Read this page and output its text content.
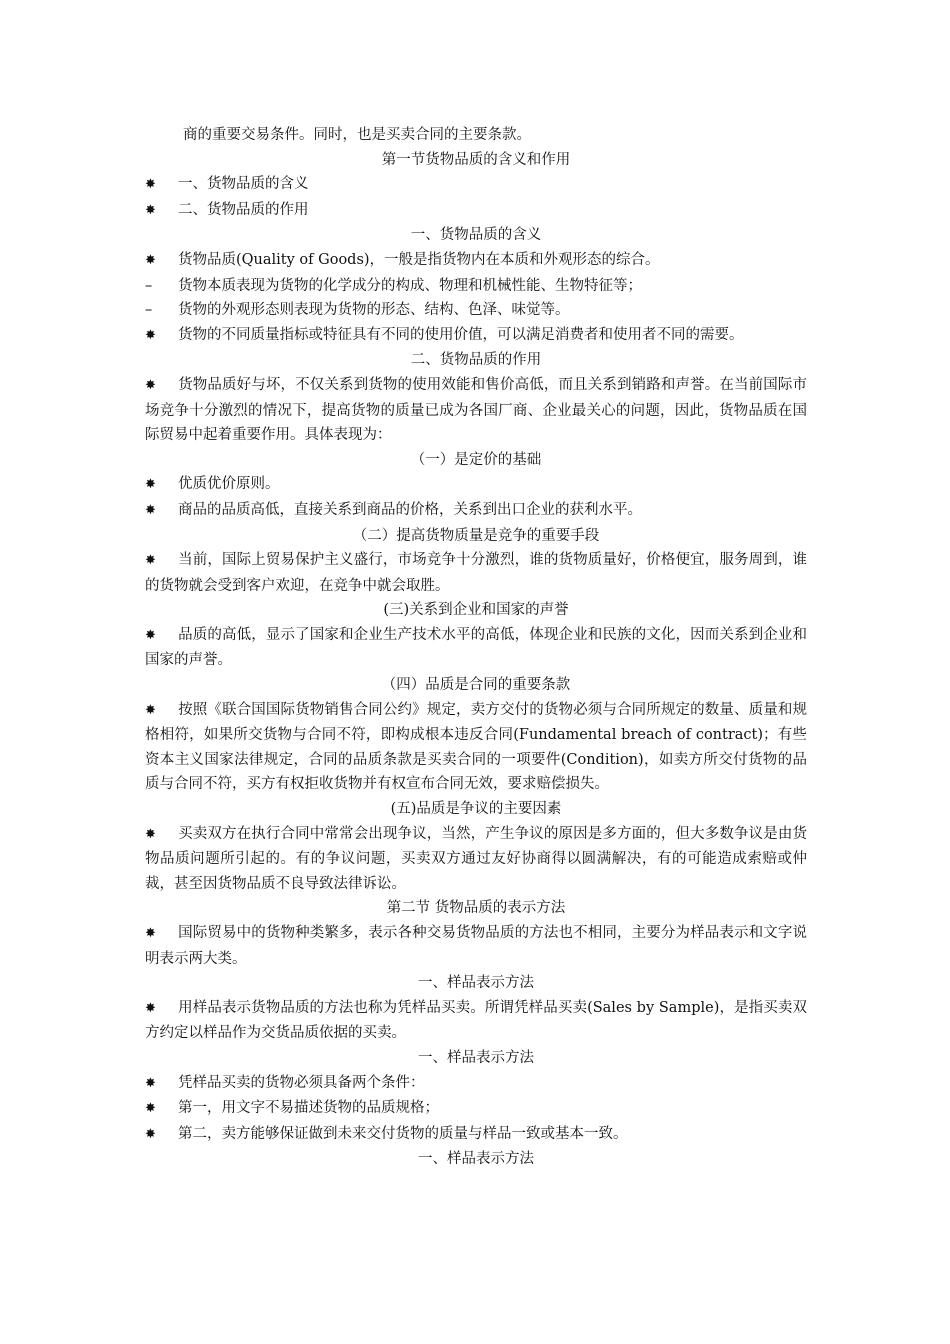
商的重要交易条件。同时，也是买卖合同的主要条款。
第一节货物品质的含义和作用
✸ 一、货物品质的含义
✸ 二、货物品质的作用
一、货物品质的含义
✸ 货物品质(Quality of Goods)，一般是指货物内在本质和外观形态的综合。
– 货物本质表现为货物的化学成分的构成、物理和机械性能、生物特征等；
– 货物的外观形态则表现为货物的形态、结构、色泽、味觉等。
✸ 货物的不同质量指标或特征具有不同的使用价值，可以满足消费者和使用者不同的需要。
二、货物品质的作用
✸ 货物品质好与坏，不仅关系到货物的使用效能和售价高低，而且关系到销路和声誉。在当前国际市场竞争十分激烈的情况下，提高货物的质量已成为各国厂商、企业最关心的问题，因此，货物品质在国际贸易中起着重要作用。具体表现为：
（一）是定价的基础
✸ 优质优价原则。
✸ 商品的品质高低，直接关系到商品的价格，关系到出口企业的获利水平。
（二）提高货物质量是竞争的重要手段
✸ 当前，国际上贸易保护主义盛行，市场竞争十分激烈，谁的货物质量好，价格便宜，服务周到，谁的货物就会受到客户欢迎，在竞争中就会取胜。
(三)关系到企业和国家的声誉
✸ 品质的高低，显示了国家和企业生产技术水平的高低，体现企业和民族的文化，因而关系到企业和国家的声誉。
（四）品质是合同的重要条款
✸ 按照《联合国国际货物销售合同公约》规定，卖方交付的货物必须与合同所规定的数量、质量和规格相符，如果所交货物与合同不符，即构成根本违反合同(Fundamental breach of contract)；有些资本主义国家法律规定，合同的品质条款是买卖合同的一项要件(Condition)，如卖方所交付货物的品质与合同不符，买方有权拒收货物并有权宣布合同无效，要求赔偿损失。
(五)品质是争议的主要因素
✸ 买卖双方在执行合同中常常会出现争议，当然，产生争议的原因是多方面的，但大多数争议是由货物品质问题所引起的。有的争议问题，买卖双方通过友好协商得以圆满解决，有的可能造成索赔或仲裁，甚至因货物品质不良导致法律诉讼。
第二节 货物品质的表示方法
✸ 国际贸易中的货物种类繁多，表示各种交易货物品质的方法也不相同，主要分为样品表示和文字说明表示两大类。
一、样品表示方法
✸ 用样品表示货物品质的方法也称为凭样品买卖。所谓凭样品买卖(Sales by Sample)，是指买卖双方约定以样品作为交货品质依据的买卖。
一、样品表示方法
✸ 凭样品买卖的货物必须具备两个条件：
✸ 第一，用文字不易描述货物的品质规格；
✸ 第二，卖方能够保证做到未来交付货物的质量与样品一致或基本一致。
一、样品表示方法
